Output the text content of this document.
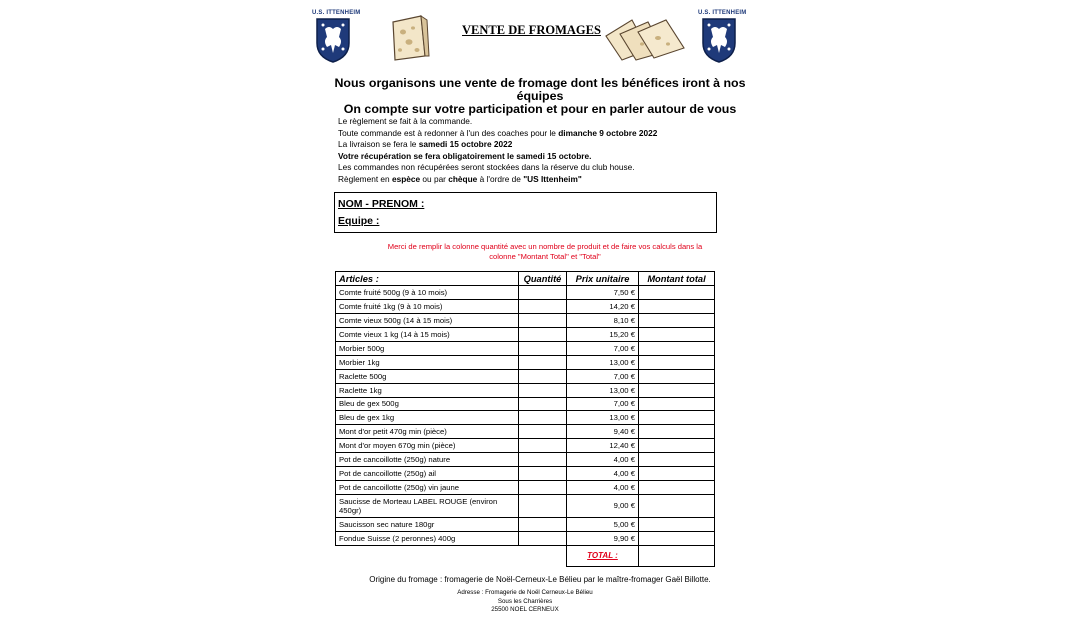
U.S. ITTENHEIM
VENTE DE FROMAGES
U.S. ITTENHEIM
Nous organisons une vente de fromage dont les bénéfices iront à nos
équipes
On compte sur votre participation et pour en parler autour de vous
Le règlement se fait à la commande.
Toute commande est à redonner à l'un des coaches pour le dimanche 9 octobre 2022
La livraison se fera le samedi 15 octobre 2022
Votre récupération se fera obligatoirement le samedi 15 octobre.
Les commandes non récupérées seront stockées dans la réserve du club house.
Règlement en espèce ou par chèque à l'ordre de "US Ittenheim"
NOM - PRENOM :
Equipe :
Merci de remplir la colonne quantité avec un nombre de produit et de faire vos calculs dans la
colonne "Montant Total" et "Total"
Articles :	Quantité	Prix unitaire	Montant total
Comte fruité 500g (9 à 10 mois)		7,50 €	
Comte fruité 1kg (9 à 10 mois)		14,20 €	
Comte vieux 500g (14 à 15 mois)		8,10 €	
Comte vieux 1 kg (14 à 15 mois)		15,20 €	
Morbier 500g		7,00 €	
Morbier 1kg		13,00 €	
Raclette 500g		7,00 €	
Raclette 1kg		13,00 €	
Bleu de gex 500g		7,00 €	
Bleu de gex 1kg		13,00 €	
Mont d'or petit 470g min (pièce)		9,40 €	
Mont d'or moyen 670g min (pièce)		12,40 €	
Pot de cancoillotte (250g) nature		4,00 €	
Pot de cancoillotte (250g) ail		4,00 €	
Pot de cancoillotte (250g) vin jaune		4,00 €	
Saucisse de Morteau LABEL ROUGE (environ 450gr)		9,00 €	
Saucisson sec nature 180gr		5,00 €	
Fondue Suisse (2 peronnes) 400g		9,90 €	
		TOTAL :	
Origine du fromage : fromagerie de Noël-Cerneux-Le Bélieu par le maître-fromager Gaël Billotte.
Adresse : Fromagerie de Noël Cerneux-Le Bélieu
Sous les Charrières
25500 NOEL CERNEUX
